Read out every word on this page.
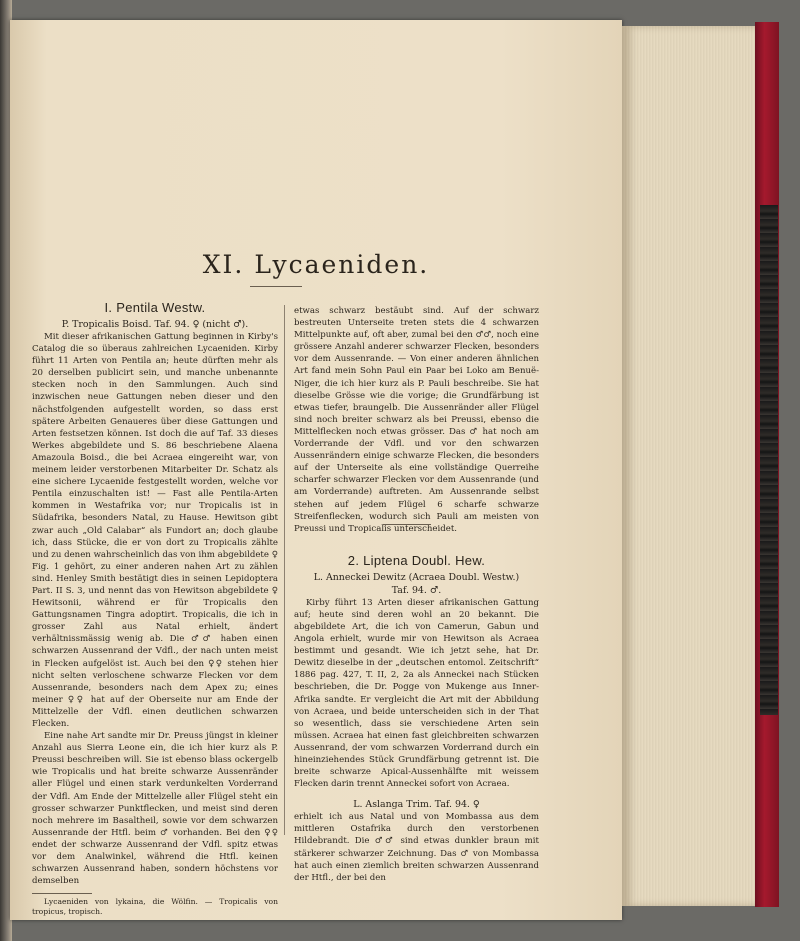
XI. Lycaeniden.
I. Pentila Westw.
P. Tropicalis Boisd. Taf. 94. ♀ (nicht ♂).

Mit dieser afrikanischen Gattung beginnen in Kirby's Catalog die so überaus zahlreichen Lycaeniden. Kirby führt 11 Arten von Pentila an; heute dürften mehr als 20 derselben publicirt sein, und manche unbenannte stecken noch in den Sammlungen. Auch sind inzwischen neue Gattungen neben dieser und den nächstfolgenden aufgestellt worden, so dass erst spätere Arbeiten Genaueres über diese Gattungen und Arten festsetzen können. Ist doch die auf Taf. 33 dieses Werkes abgebildete und S. 86 beschriebene Alaena Amazoula Boisd., die bei Acraea eingereiht war, von meinem leider verstorbenen Mitarbeiter Dr. Schatz als eine sichere Lycaenide festgestellt worden, welche vor Pentila einzuschalten ist! — Fast alle Pentila-Arten kommen in Westafrika vor; nur Tropicalis ist in Südafrika, besonders Natal, zu Hause. Hewitson gibt zwar auch „Old Calabar“ als Fundort an; doch glaube ich, dass Stücke, die er von dort zu Tropicalis zählte und zu denen wahrscheinlich das von ihm abgebildete ♀ Fig. 1 gehört, zu einer anderen nahen Art zu zählen sind. Henley Smith bestätigt dies in seinen Lepidoptera Part. II S. 3, und nennt das von Hewitson abgebildete ♀ Hewitsonii, während er für Tropicalis den Gattungsnamen Tingra adoptirt. Tropicalis, die ich in grosser Zahl aus Natal erhielt, ändert verhältnissmässig wenig ab. Die ♂♂ haben einen schwarzen Aussenrand der Vdfl., der nach unten meist in Flecken aufgelöst ist. Auch bei den ♀♀ stehen hier nicht selten verloschene schwarze Flecken vor dem Aussenrande, besonders nach dem Apex zu; eines meiner ♀♀ hat auf der Oberseite nur am Ende der Mittelzelle der Vdfl. einen deutlichen schwarzen Flecken.

Eine nahe Art sandte mir Dr. Preuss jüngst in kleiner Anzahl aus Sierra Leone ein, die ich hier kurz als P. Preussi beschreiben will. Sie ist ebenso blass ockergelb wie Tropicalis und hat breite schwarze Aussenränder aller Flügel und einen stark verdunkelten Vorderrand der Vdfl. Am Ende der Mittelzelle aller Flügel steht ein grosser schwarzer Punktflecken, und meist sind deren noch mehrere im Basaltheil, sowie vor dem schwarzen Aussenrande der Htfl. beim ♂ vorhanden. Bei den ♀♀ endet der schwarze Aussenrand der Vdfl. spitz etwas vor dem Analwinkel, während die Htfl. keinen schwarzen Aussenrand haben, sondern höchstens vor demselben

Lycaeniden von lykaina, die Wölfin. — Tropicalis von tropicus, tropisch.

etwas schwarz bestäubt sind. Auf der schwarz bestreuten Unterseite treten stets die 4 schwarzen Mittelpunkte auf, oft aber, zumal bei den ♂♂, noch eine grössere Anzahl anderer schwarzer Flecken, besonders vor dem Aussenrande. — Von einer anderen ähnlichen Art fand mein Sohn Paul ein Paar bei Loko am Benuë-Niger, die ich hier kurz als P. Pauli beschreibe. Sie hat dieselbe Grösse wie die vorige; die Grundfärbung ist etwas tiefer, braungelb. Die Aussenränder aller Flügel sind noch breiter schwarz als bei Preussi, ebenso die Mittelflecken noch etwas grösser. Das ♂ hat noch am Vorderrande der Vdfl. und vor den schwarzen Aussenrändern einige schwarze Flecken, die besonders auf der Unterseite als eine vollständige Querreihe scharfer schwarzer Flecken vor dem Aussenrande (und am Vorderrande) auftreten. Am Aussenrande selbst stehen auf jedem Flügel 6 scharfe schwarze Streifenflecken, wodurch sich Pauli am meisten von Preussi und Tropicalis unterscheidet.

2. Liptena Doubl. Hew.
L. Anneckei Dewitz (Acraea Doubl. Westw.)
Taf. 94. ♂.

Kirby führt 13 Arten dieser afrikanischen Gattung auf; heute sind deren wohl an 20 bekannt. Die abgebildete Art, die ich von Camerun, Gabun und Angola erhielt, wurde mir von Hewitson als Acraea bestimmt und gesandt. Wie ich jetzt sehe, hat Dr. Dewitz dieselbe in der „deutschen entomol. Zeitschrift“ 1886 pag. 427, T. II, 2, 2a als Anneckei nach Stücken beschrieben, die Dr. Pogge von Mukenge aus Inner-Afrika sandte. Er vergleicht die Art mit der Abbildung von Acraea, und beide unterscheiden sich in der That so wesentlich, dass sie verschiedene Arten sein müssen. Acraea hat einen fast gleichbreiten schwarzen Aussenrand, der vom schwarzen Vorderrand durch ein hineinziehendes Stück Grundfärbung getrennt ist. Die breite schwarze Apical-Aussenhälfte mit weissem Flecken darin trennt Anneckei sofort von Acraea.

L. Aslanga Trim. Taf. 94. ♀

erhielt ich aus Natal und von Mombassa aus dem mittleren Ostafrika durch den verstorbenen Hildebrandt. Die ♂♂ sind etwas dunkler braun mit stärkerer schwarzer Zeichnung. Das ♂ von Mombassa hat auch einen ziemlich breiten schwarzen Aussenrand der Htfl., der bei den
